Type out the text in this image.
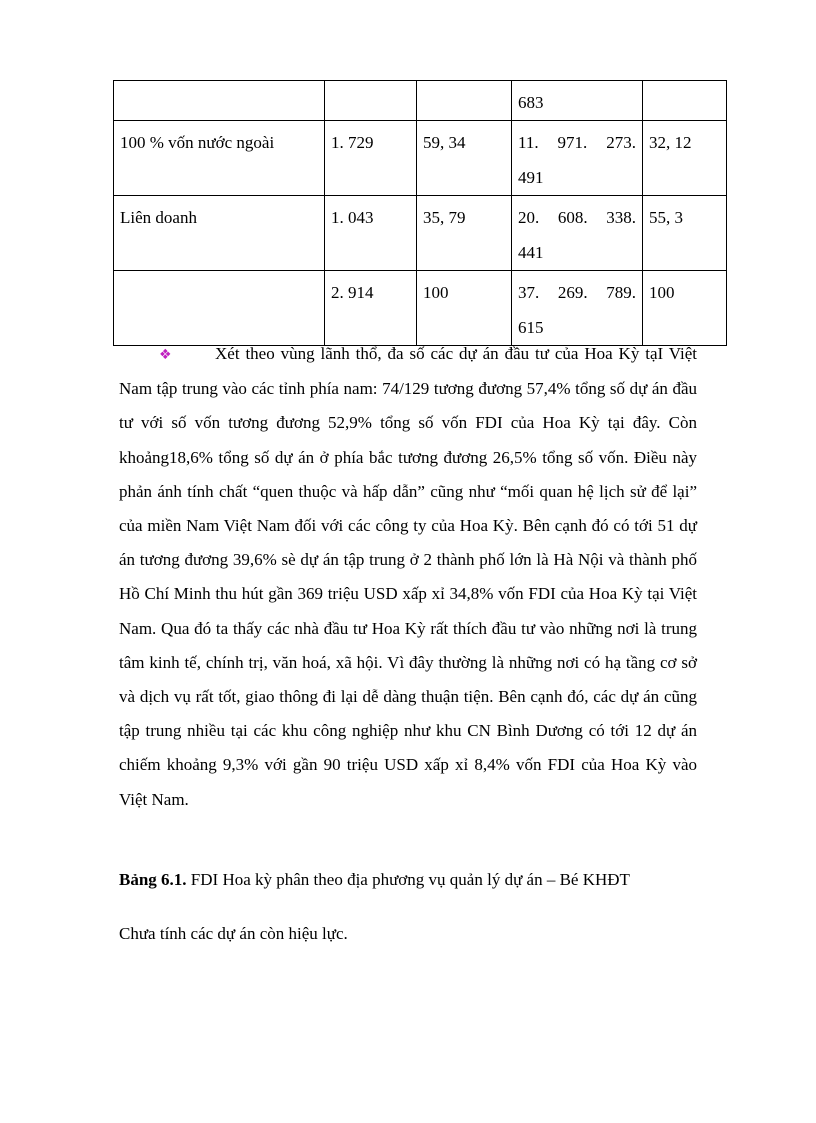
			683	
100 % vốn nước ngoài	1. 729	59, 34	11. 971. 273. 491	32, 12
Liên doanh	1. 043	35, 79	20. 608. 338. 441	55, 3
	2. 914	100	37. 269. 789. 615	100

❖	Xét theo vùng lãnh thổ, đa số các dự án đầu tư của Hoa Kỳ tạI Việt Nam tập trung vào các tỉnh phía nam: 74/129 tương đương 57,4% tổng số dự án đầu tư với số vốn tương đương 52,9% tổng số vốn FDI của Hoa Kỳ tại đây. Còn khoảng18,6% tổng số dự án ở phía bắc tương đương 26,5% tổng số vốn. Điều này phản ánh tính chất “quen thuộc và hấp dẫn” cũng như “mối quan hệ lịch sử để lại” của miền Nam Việt Nam đối với các công ty của Hoa Kỳ. Bên cạnh đó có tới 51 dự án tương đương 39,6% sè dự án tập trung ở 2 thành phố lớn là Hà Nội và thành phố Hồ Chí Minh thu hút gần 369 triệu USD xấp xỉ 34,8% vốn FDI của Hoa Kỳ tại Việt Nam. Qua đó ta thấy các nhà đầu tư Hoa Kỳ rất thích đầu tư vào những nơi là trung tâm kinh tế, chính trị, văn hoá, xã hội. Vì đây thường là những nơi có hạ tầng cơ sở và dịch vụ rất tốt, giao thông đi lại dễ dàng thuận tiện. Bên cạnh đó, các dự án cũng tập trung nhiều tại các khu công nghiệp như khu CN Bình Dương có tới 12 dự án chiếm khoảng 9,3% với gần 90 triệu USD xấp xỉ 8,4% vốn FDI của Hoa Kỳ vào Việt Nam.

Bảng 6.1. FDI Hoa kỳ phân theo địa phương vụ quản lý dự án – Bé KHĐT
Chưa tính các dự án còn hiệu lực.
